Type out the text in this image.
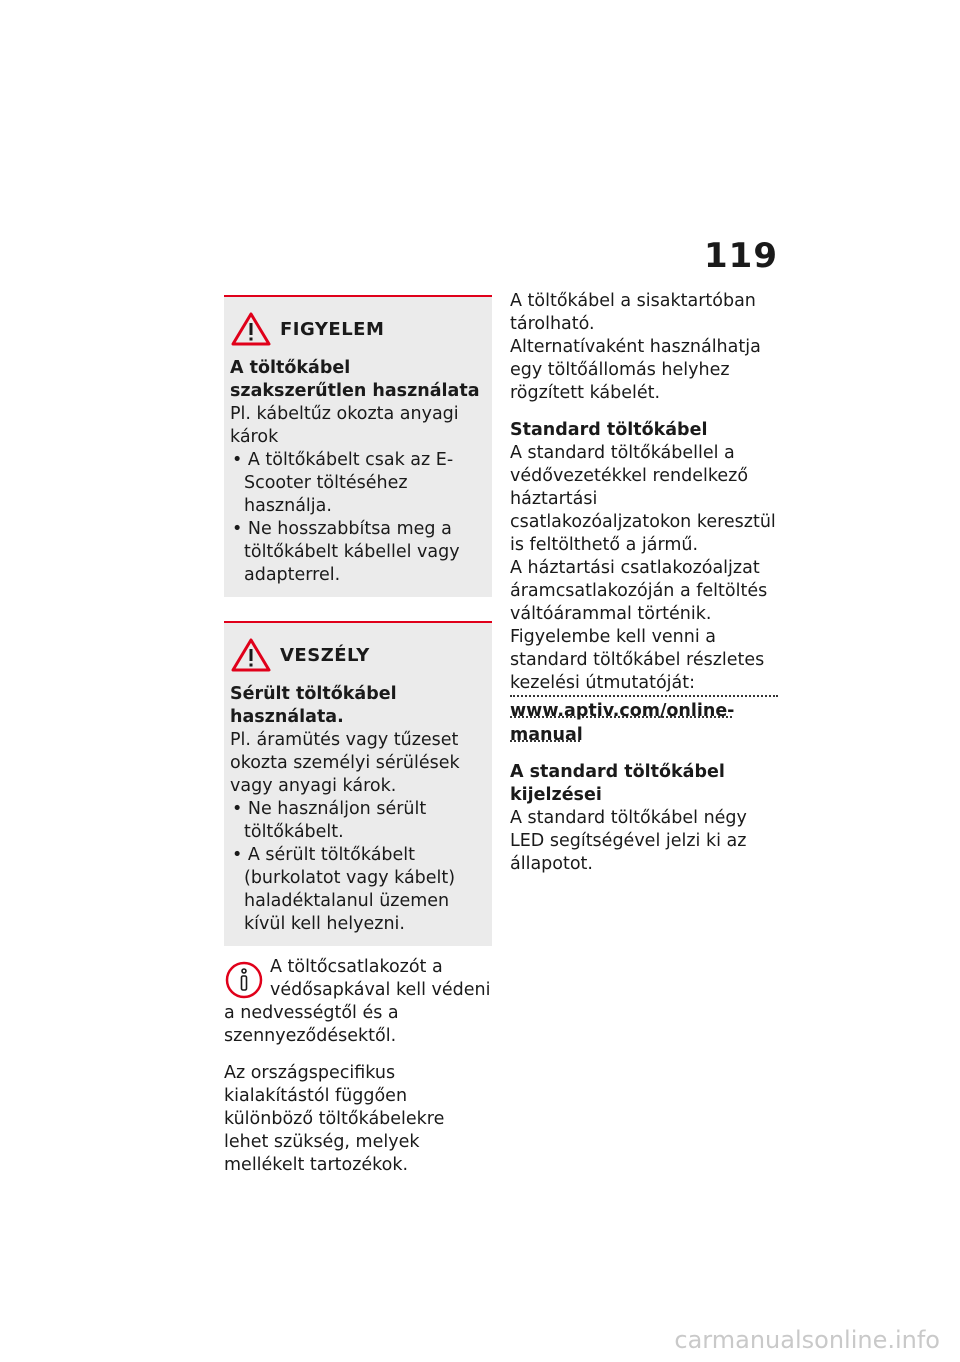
119
FIGYELEM

A töltőkábel szakszerűtlen használata

Pl. kábeltűz okozta anyagi károk

• A töltőkábelt csak az E-Scooter töltéséhez használja.
• Ne hosszabbítsa meg a töltőkábelt kábellel vagy adapterrel.
VESZÉLY

Sérült töltőkábel használata.

Pl. áramütés vagy tűzeset okozta személyi sérülések vagy anyagi károk.

• Ne használjon sérült töltőkábelt.
• A sérült töltőkábelt (burkolatot vagy kábelt) haladéktalanul üzemen kívül kell helyezni.

A töltőcsatlakozót a védősapkával kell védeni a nedvességtől és a szennyeződésektől.

Az országspecifikus kialakítástól függően különböző töltőkábelekre lehet szükség, melyek mellékelt tartozékok.

A töltőkábel a sisaktartóban tárolható.

Alternatívaként használhatja egy töltőállomás helyhez rögzített kábelét.

Standard töltőkábel

A standard töltőkábellel a védővezetékkel rendelkező háztartási csatlakozóaljzatokon keresztül is feltölthető a jármű.

A háztartási csatlakozóaljzat áramcsatlakozóján a feltöltés váltóárammal történik.

Figyelembe kell venni a standard töltőkábel részletes kezelési útmutatóját:

www.aptiv.com/online-manual

A standard töltőkábel kijelzései

A standard töltőkábel négy LED segítségével jelzi ki az állapotot.

carmanualsonline.info
